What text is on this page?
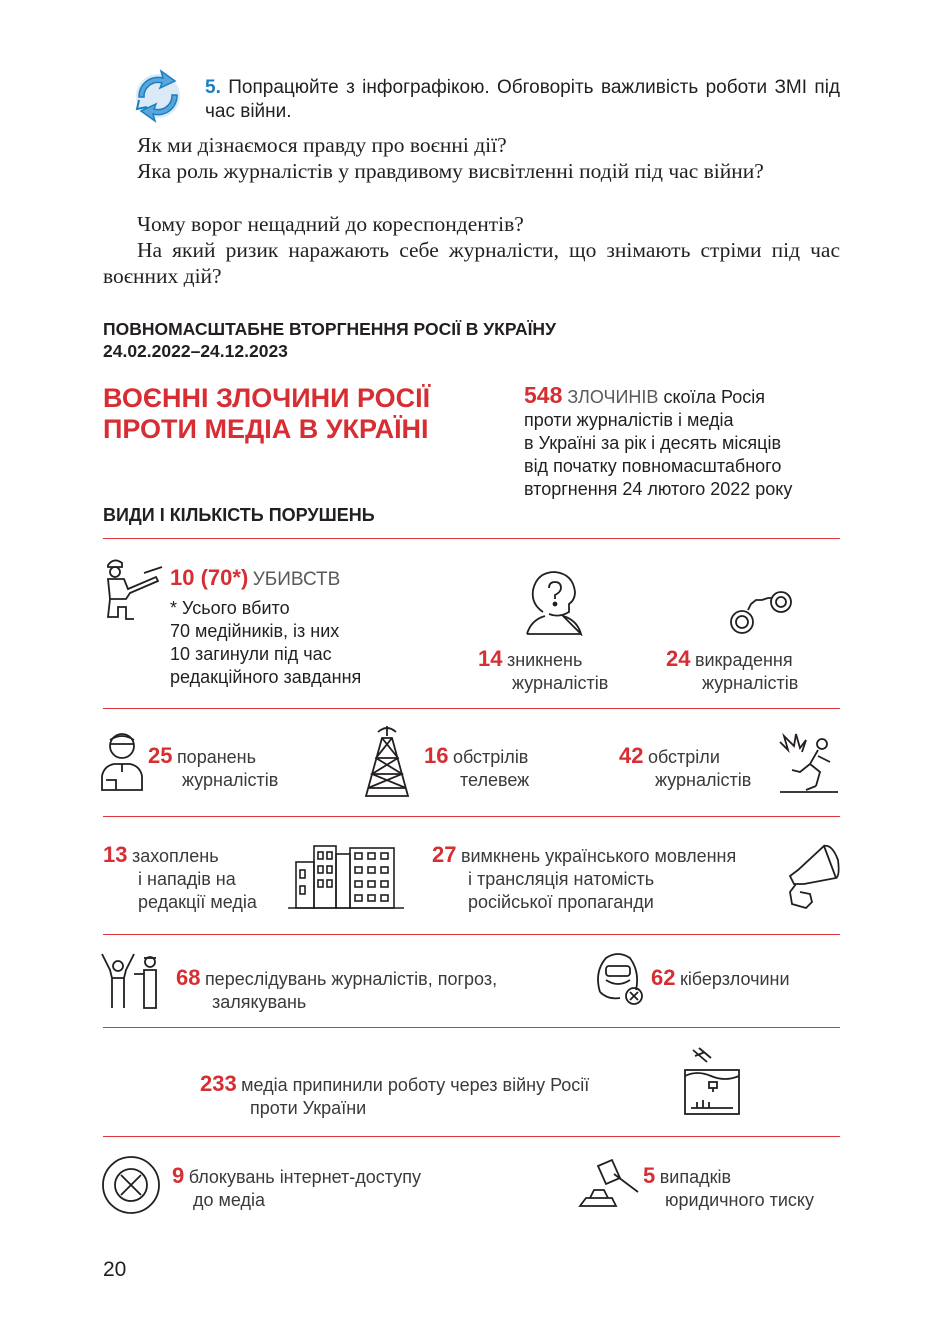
5. Попрацюйте з інфографікою. Обговоріть важливість роботи ЗМІ під час війни.
Як ми дізнаємося правду про воєнні дії?
Яка роль журналістів у правдивому висвітленні подій під час війни?
Чому ворог нещадний до кореспондентів?
На який ризик наражають себе журналісти, що знімають стріми під час воєнних дій?
ПОВНОМАСШТАБНЕ ВТОРГНЕННЯ РОСІЇ В УКРАЇНУ
24.02.2022–24.12.2023
ВОЄННІ ЗЛОЧИНИ РОСІЇ
ПРОТИ МЕДІА В УКРАЇНІ
548 ЗЛОЧИНІВ скоїла Росія
проти журналістів і медіа
в Україні за рік і десять місяців
від початку повномасштабного
вторгнення 24 лютого 2022 року
ВИДИ І КІЛЬКІСТЬ ПОРУШЕНЬ
10 (70*) УБИВСТВ
* Усього вбито
70 медійників, із них
10 загинули під час
редакційного завдання
14 зникнень
журналістів
24 викрадення
журналістів
25 поранень
журналістів
16 обстрілів
телевеж
42 обстріли
журналістів
13 захоплень
і нападів на
редакції медіа
27 вимкнень українського мовлення
і трансляція натомість
російської пропаганди
68 переслідувань журналістів, погроз,
залякувань
62 кіберзлочини
233 медіа припинили роботу через війну Росії
проти України
9 блокувань інтернет-доступу
до медіа
5 випадків
юридичного тиску
20
